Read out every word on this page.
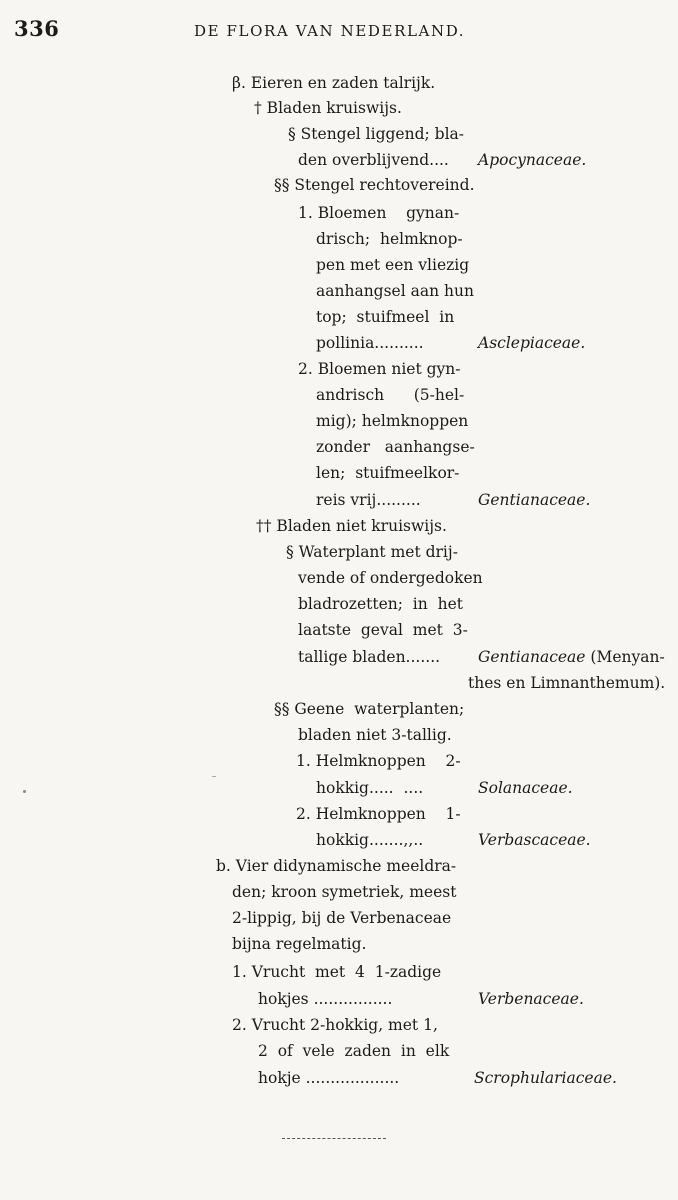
336	DE FLORA VAN NEDERLAND.
β. Eieren en zaden talrijk.
† Bladen kruiswijs.
§ Stengel liggend; bla-
den overblijvend.... Apocynaceae.
§§ Stengel rechtovereind.
1. Bloemen    gynan-
drisch;  helmknop-
pen met een vliezig
aanhangsel aan hun
top;  stuifmeel  in
pollinia..........	Asclepiaceae.
2. Bloemen niet gyn-
andrisch      (5-hel-
mig); helmknoppen
zonder   aanhangse-
len;  stuifmeelkor-
reis vrij.........	Gentianaceae.
†† Bladen niet kruiswijs.
§ Waterplant met drij-
vende of ondergedoken
bladrozetten;  in  het
laatste  geval  met  3-
tallige bladen....... Gentianaceae (Menyan-
thes en Limnanthemum).
§§ Geene  waterplanten;
bladen niet 3-tallig.
1. Helmknoppen    2-
hokkig.....  ....	Solanaceae.
2. Helmknoppen    1-
hokkig.......,,..	Verbascaceae.
b. Vier didynamische meeldra-
den; kroon symetriek, meest
2-lippig, bij de Verbenaceae
bijna regelmatig.
1. Vrucht  met  4  1-zadige
hokjes ................	Verbenaceae.
2. Vrucht 2-hokkig, met 1,
2  of  vele  zaden  in  elk
hokje ...................	Scrophulariaceae.
